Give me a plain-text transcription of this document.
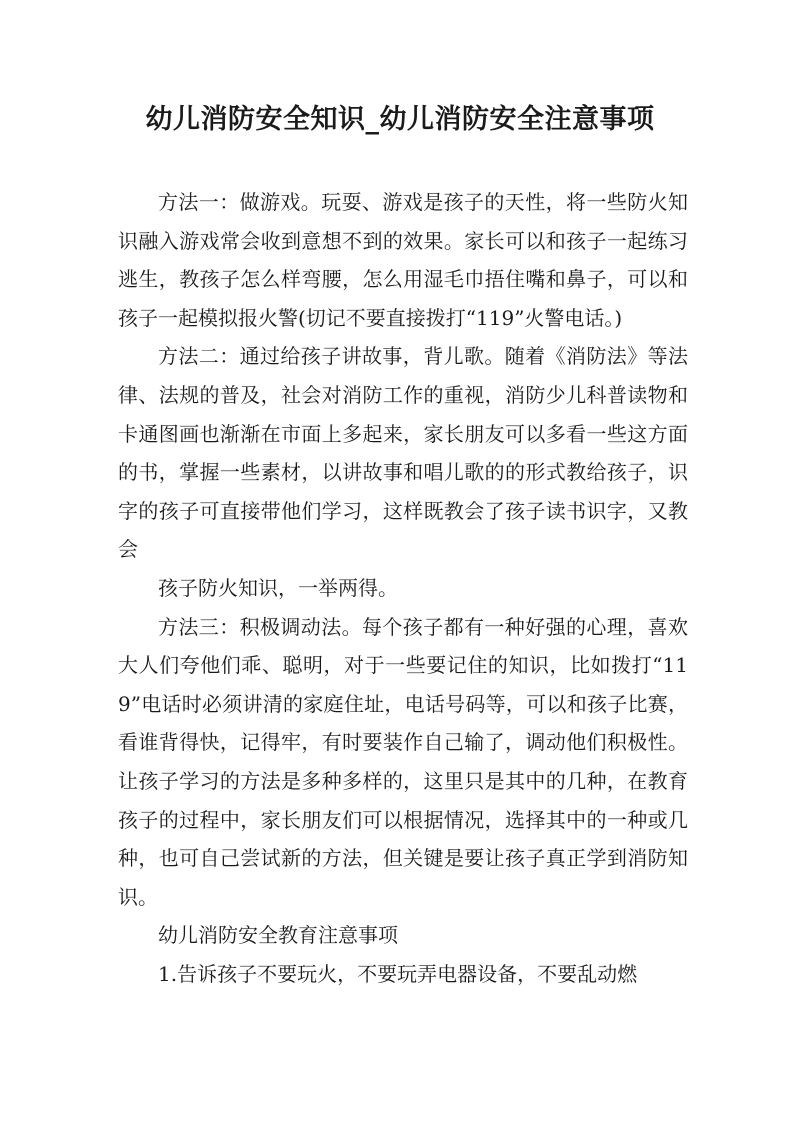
幼儿消防安全知识_幼儿消防安全注意事项

方法一：做游戏。玩耍、游戏是孩子的天性，将一些防火知识融入游戏常会收到意想不到的效果。家长可以和孩子一起练习逃生，教孩子怎么样弯腰，怎么用湿毛巾捂住嘴和鼻子，可以和孩子一起模拟报火警(切记不要直接拨打“119”火警电话。)

方法二：通过给孩子讲故事，背儿歌。随着《消防法》等法律、法规的普及，社会对消防工作的重视，消防少儿科普读物和卡通图画也渐渐在市面上多起来，家长朋友可以多看一些这方面的书，掌握一些素材，以讲故事和唱儿歌的的形式教给孩子，识字的孩子可直接带他们学习，这样既教会了孩子读书识字，又教会

孩子防火知识，一举两得。

方法三：积极调动法。每个孩子都有一种好强的心理，喜欢大人们夸他们乖、聪明，对于一些要记住的知识，比如拨打“119”电话时必须讲清的家庭住址，电话号码等，可以和孩子比赛，看谁背得快，记得牢，有时要装作自己输了，调动他们积极性。让孩子学习的方法是多种多样的，这里只是其中的几种，在教育孩子的过程中，家长朋友们可以根据情况，选择其中的一种或几种，也可自己尝试新的方法，但关键是要让孩子真正学到消防知识。

幼儿消防安全教育注意事项

1.告诉孩子不要玩火，不要玩弄电器设备，不要乱动燃
